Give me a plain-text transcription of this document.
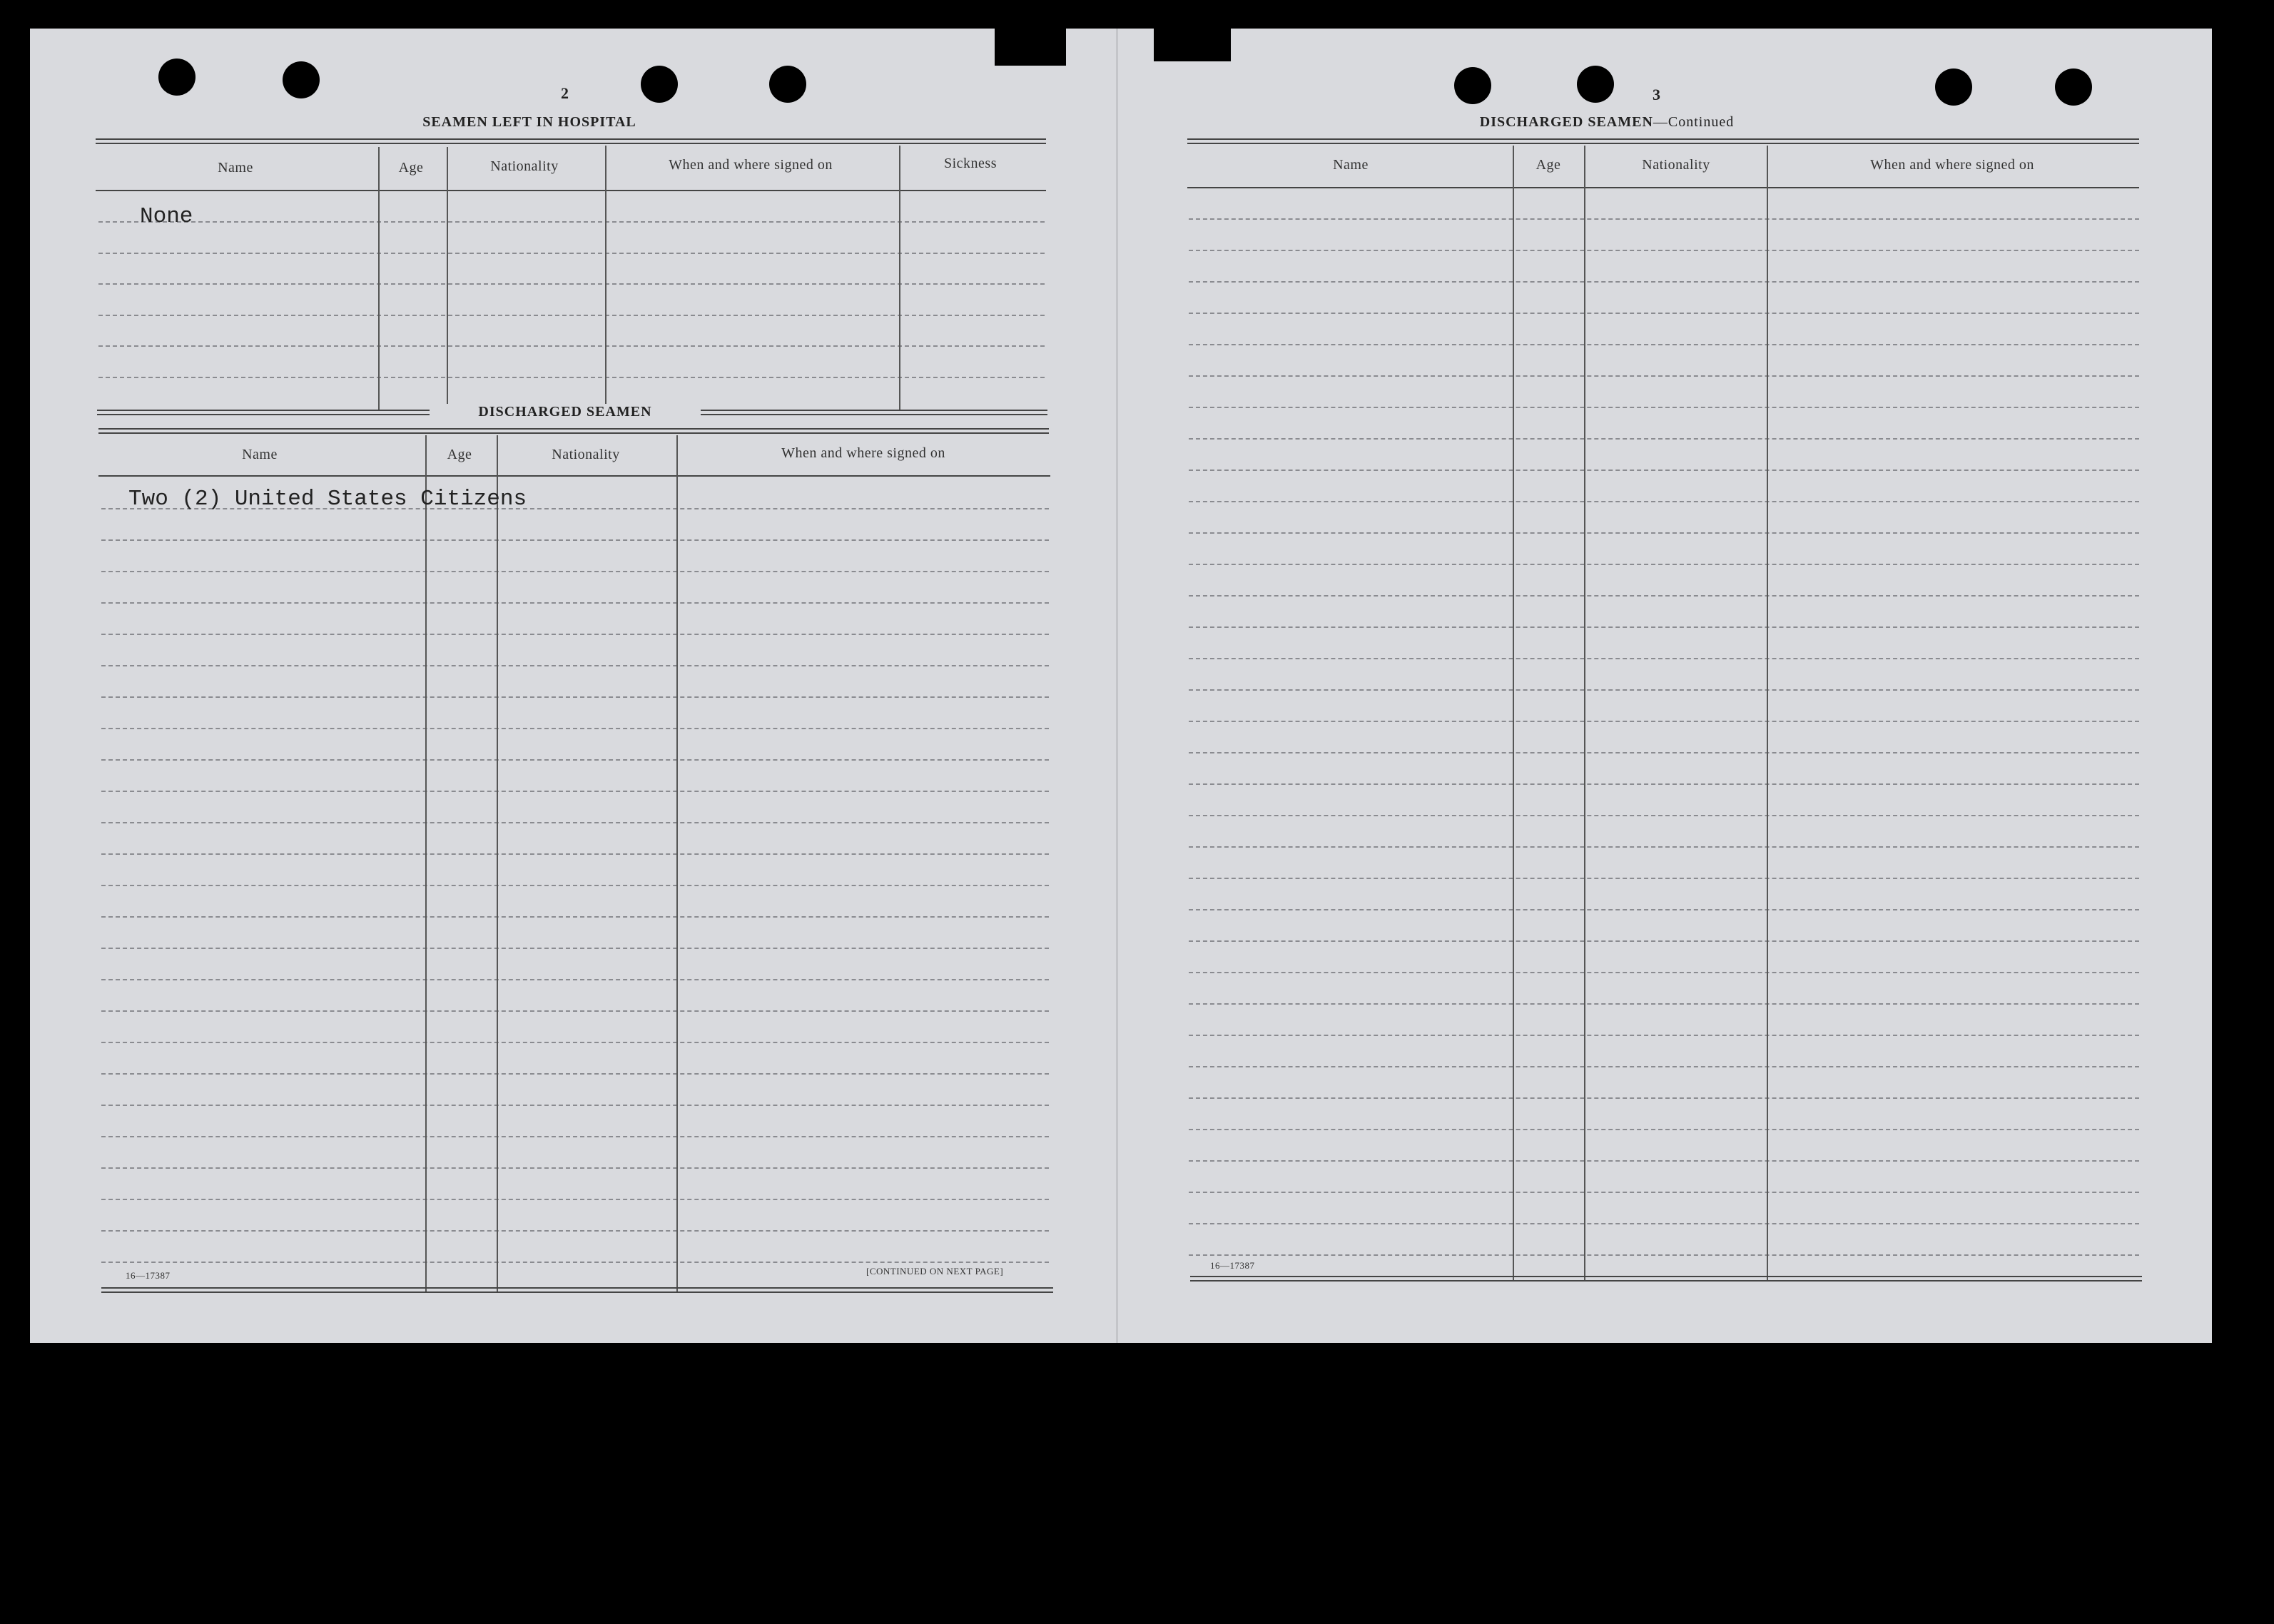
2
SEAMEN LEFT IN HOSPITAL
Name	Age	Nationality	When and where signed on	Sickness
None
DISCHARGED SEAMEN
Name	Age	Nationality	When and where signed on
Two (2) United States Citizens
16—17387	[CONTINUED ON NEXT PAGE]
3
DISCHARGED SEAMEN—Continued
Name	Age	Nationality	When and where signed on
16—17387
